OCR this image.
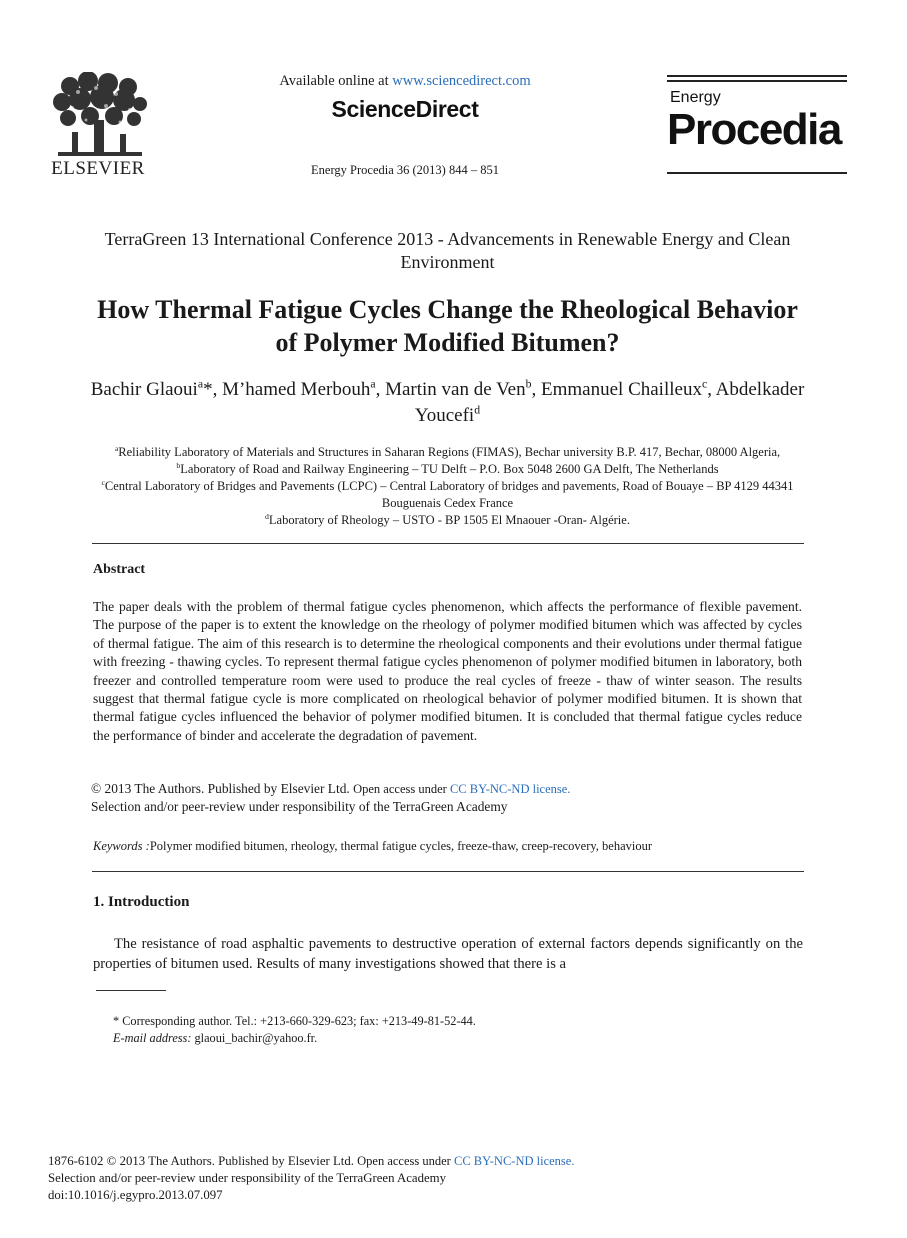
ELSEVIER
Available online at www.sciencedirect.com
ScienceDirect
Energy Procedia 36 (2013) 844 – 851
Energy
Procedia
TerraGreen 13 International Conference 2013 - Advancements in Renewable Energy and Clean Environment
How Thermal Fatigue Cycles Change the Rheological Behavior of Polymer Modified Bitumen?
Bachir Glaoui$^a$*, M’hamed Merbouh$^a$, Martin van de Ven$^b$, Emmanuel Chailleux$^c$, Abdelkader Youcefi$^d$
$^a$Reliability Laboratory of Materials and Structures in Saharan Regions (FIMAS), Bechar university B.P. 417, Bechar, 08000 Algeria,
$^b$Laboratory of Road and Railway Engineering – TU Delft – P.O. Box 5048 2600 GA Delft, The Netherlands
$^c$Central Laboratory of Bridges and Pavements (LCPC) – Central Laboratory of bridges and pavements, Road of Bouaye – BP 4129 44341 Bouguenais Cedex France
$^d$Laboratory of Rheology – USTO - BP 1505 El Mnaouer -Oran- Algérie.
Abstract
The paper deals with the problem of thermal fatigue cycles phenomenon, which affects the performance of flexible pavement. The purpose of the paper is to extent the knowledge on the rheology of polymer modified bitumen which was affected by cycles of thermal fatigue. The aim of this research is to determine the rheological components and their evolutions under thermal fatigue with freezing - thawing cycles. To represent thermal fatigue cycles phenomenon of polymer modified bitumen in laboratory, both freezer and controlled temperature room were used to produce the real cycles of freeze - thaw of winter season. The results suggest that thermal fatigue cycle is more complicated on rheological behavior of polymer modified bitumen. It is shown that thermal fatigue cycles influenced the behavior of polymer modified bitumen. It is concluded that thermal fatigue cycles reduce the performance of binder and accelerate the degradation of pavement.
© 2013 The Authors. Published by Elsevier Ltd. Open access under CC BY-NC-ND license.
Selection and/or peer-review under responsibility of the TerraGreen Academy
Keywords :Polymer modified bitumen, rheology, thermal fatigue cycles, freeze-thaw, creep-recovery, behaviour
1. Introduction
The resistance of road asphaltic pavements to destructive operation of external factors depends significantly on the properties of bitumen used. Results of many investigations showed that there is a
* Corresponding author. Tel.: +213-660-329-623; fax: +213-49-81-52-44.
E-mail address: glaoui_bachir@yahoo.fr.
1876-6102 © 2013 The Authors. Published by Elsevier Ltd. Open access under CC BY-NC-ND license.
Selection and/or peer-review under responsibility of the TerraGreen Academy
doi:10.1016/j.egypro.2013.07.097
